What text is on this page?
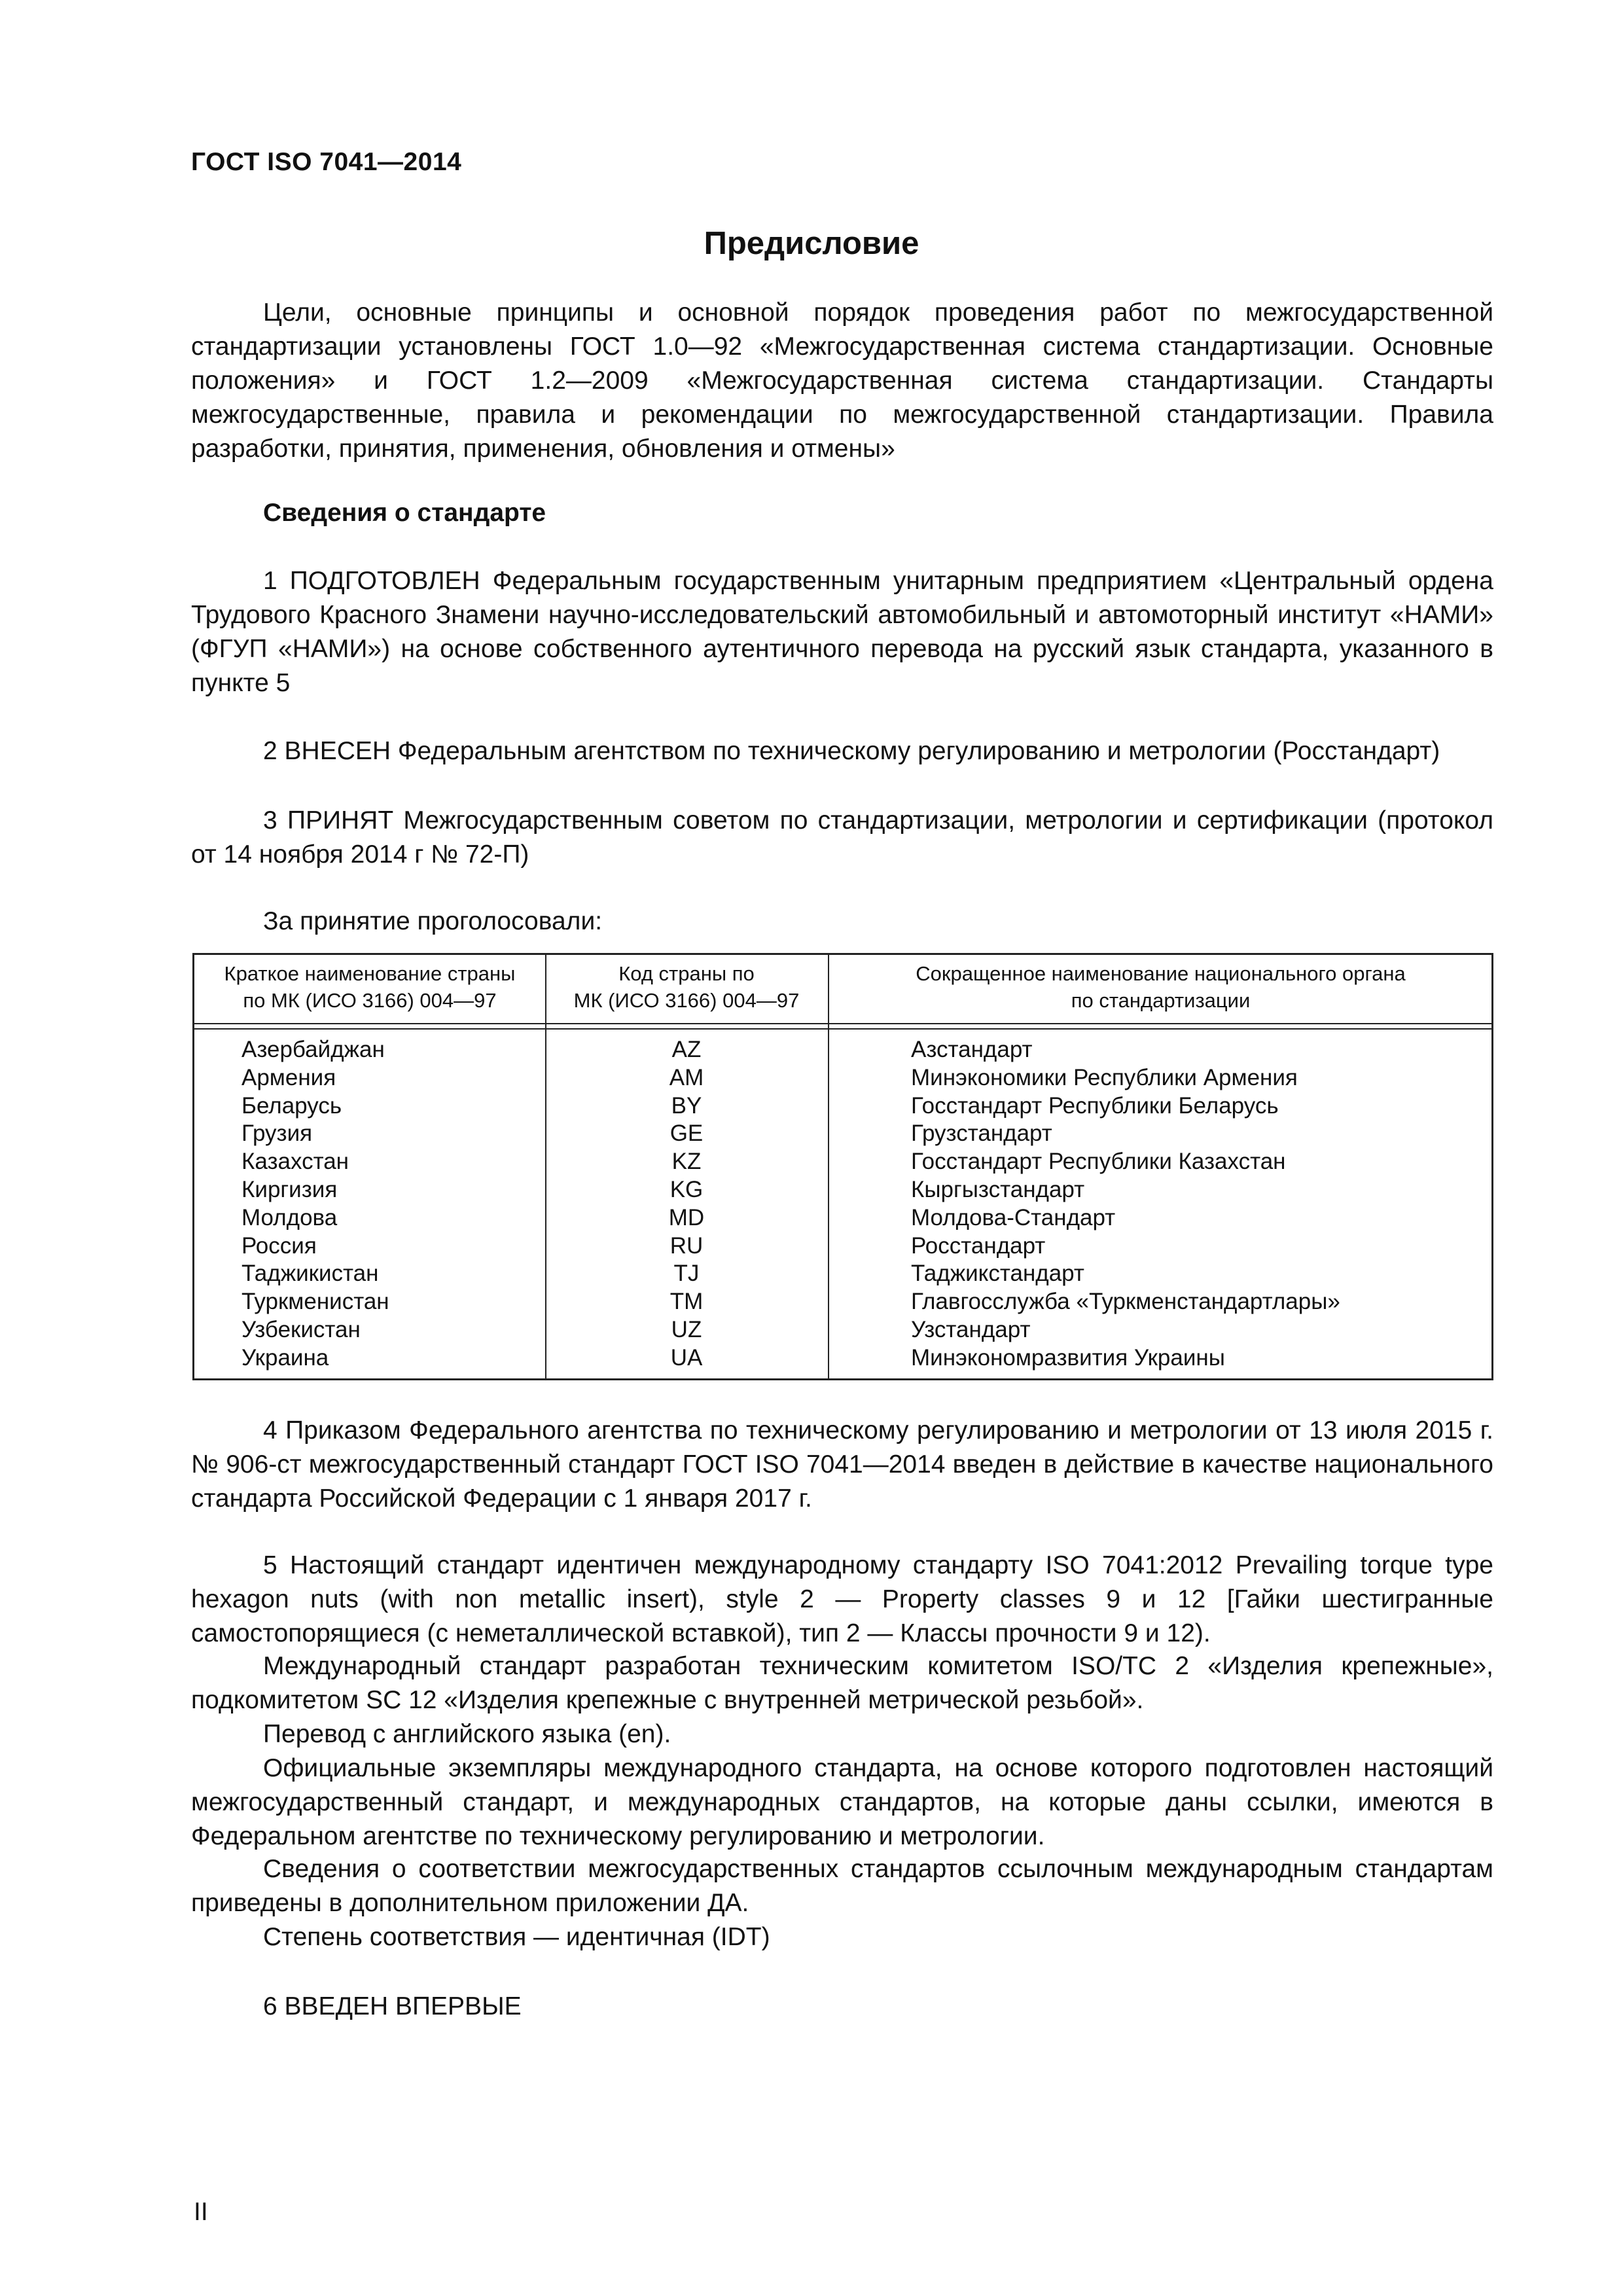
ГОСТ ISO 7041—2014
Предисловие
Цели, основные принципы и основной порядок проведения работ по межгосударственной стандартизации установлены ГОСТ 1.0—92 «Межгосударственная система стандартизации. Основные положения» и ГОСТ 1.2—2009 «Межгосударственная система стандартизации. Стандарты межгосударственные, правила и рекомендации по межгосударственной стандартизации. Правила разработки, принятия, применения, обновления и отмены»
Сведения о стандарте
1 ПОДГОТОВЛЕН Федеральным государственным унитарным предприятием «Центральный ордена Трудового Красного Знамени научно-исследовательский автомобильный и автомоторный институт «НАМИ» (ФГУП «НАМИ») на основе собственного аутентичного перевода на русский язык стандарта, указанного в пункте 5
2 ВНЕСЕН Федеральным агентством по техническому регулированию и метрологии (Росстандарт)
3 ПРИНЯТ Межгосударственным советом по стандартизации, метрологии и сертификации (протокол от 14 ноября 2014 г № 72-П)
За принятие проголосовали:
Краткое наименование страны
по МК (ИСО 3166) 004—97
Код страны по
МК (ИСО 3166) 004—97
Сокращенное наименование национального органа
по стандартизации
Азербайджан
Армения
Беларусь
Грузия
Казахстан
Киргизия
Молдова
Россия
Таджикистан
Туркменистан
Узбекистан
Украина
AZ
AM
BY
GE
KZ
KG
MD
RU
TJ
TM
UZ
UA
Азстандарт
Минэкономики Республики Армения
Госстандарт Республики Беларусь
Грузстандарт
Госстандарт Республики Казахстан
Кыргызстандарт
Молдова-Стандарт
Росстандарт
Таджикстандарт
Главгосслужба «Туркменстандартлары»
Узстандарт
Минэкономразвития Украины
4 Приказом Федерального агентства по техническому регулированию и метрологии от 13 июля 2015 г. № 906-ст межгосударственный стандарт ГОСТ ISO 7041—2014 введен в действие в качестве национального стандарта Российской Федерации с 1 января 2017 г.
5 Настоящий стандарт идентичен международному стандарту ISO 7041:2012 Prevailing torque type hexagon nuts (with non metallic insert), style 2 — Property classes 9 и 12 [Гайки шестигранные самостопорящиеся (с неметаллической вставкой), тип 2 — Классы прочности 9 и 12).
Международный стандарт разработан техническим комитетом ISO/TC 2 «Изделия крепежные», подкомитетом SC 12 «Изделия крепежные с внутренней метрической резьбой».
Перевод с английского языка (en).
Официальные экземпляры международного стандарта, на основе которого подготовлен настоящий межгосударственный стандарт, и международных стандартов, на которые даны ссылки, имеются в Федеральном агентстве по техническому регулированию и метрологии.
Сведения о соответствии межгосударственных стандартов ссылочным международным стандартам приведены в дополнительном приложении ДА.
Степень соответствия — идентичная (IDT)
6 ВВЕДЕН ВПЕРВЫЕ
II
